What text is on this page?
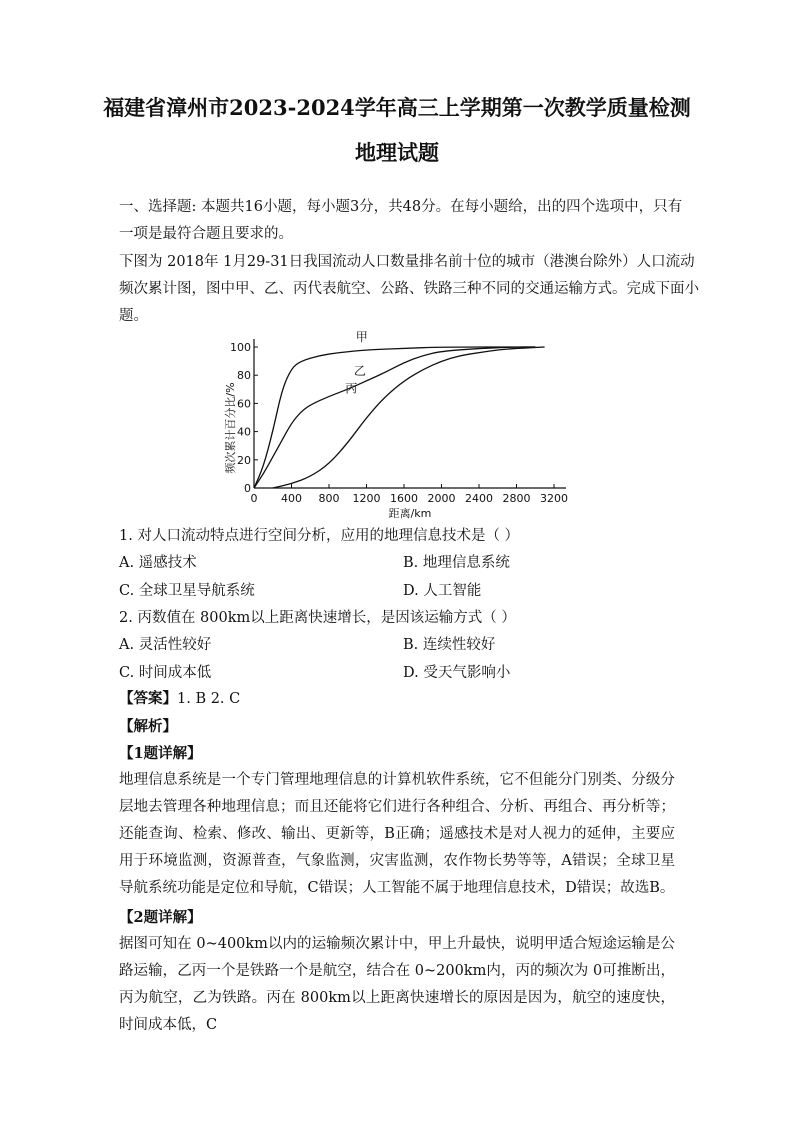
福建省漳州市2023-2024学年高三上学期第一次教学质量检测
地理试题
一、选择题: 本题共16小题，每小题3分，共48分。在每小题给，出的四个选项中，只有
一项是最符合题且要求的。
下图为 2018年 1月29-31日我国流动人口数量排名前十位的城市（港澳台除外）人口流动
频次累计图，图中甲、乙、丙代表航空、公路、铁路三种不同的交通运输方式。完成下面小
题。
0 400 800 1200 1600 2000 2400 2800 3200
0
20
40
60
80
100
甲
乙
丙
频次累计百分比/%
距离/km
1. 对人口流动特点进行空间分析，应用的地理信息技术是（ ）
A. 遥感技术	B. 地理信息系统
C. 全球卫星导航系统	D. 人工智能
2. 丙数值在 800km以上距离快速增长，是因该运输方式（ ）
A. 灵活性较好	B. 连续性较好
C. 时间成本低	D. 受天气影响小
【答案】1. B 2. C
【解析】
【1题详解】
地理信息系统是一个专门管理地理信息的计算机软件系统，它不但能分门别类、分级分层地去管理各种地理信息；而且还能将它们进行各种组合、分析、再组合、再分析等；还能查询、检索、修改、输出、更新等，B正确；遥感技术是对人视力的延伸，主要应用于环境监测，资源普查，气象监测，灾害监测，农作物长势等等，A错误；全球卫星导航系统功能是定位和导航，C错误；人工智能不属于地理信息技术，D错误；故选B。
【2题详解】
据图可知在 0~400km以内的运输频次累计中，甲上升最快，说明甲适合短途运输是公路运输，乙丙一个是铁路一个是航空，结合在 0~200km内，丙的频次为 0可推断出，丙为航空，乙为铁路。丙在 800km以上距离快速增长的原因是因为，航空的速度快，时间成本低，C
